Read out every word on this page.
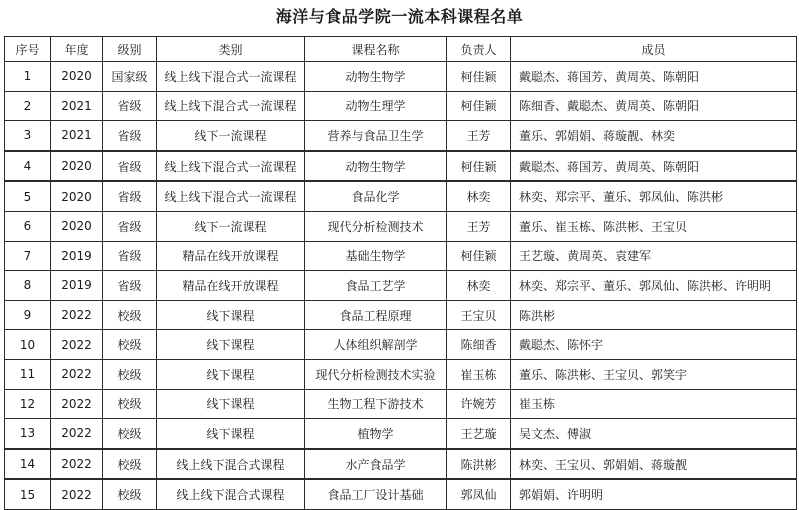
海洋与食品学院一流本科课程名单
序号	年度	级别	类别	课程名称	负责人	成员
1	2020	国家级	线上线下混合式一流课程	动物生物学	柯佳颖	戴聪杰、蒋国芳、黄周英、陈朝阳
2	2021	省级	线上线下混合式一流课程	动物生理学	柯佳颖	陈细香、戴聪杰、黄周英、陈朝阳
3	2021	省级	线下一流课程	营养与食品卫生学	王芳	董乐、郭娟娟、蒋璇靓、林奕
4	2020	省级	线上线下混合式一流课程	动物生物学	柯佳颖	戴聪杰、蒋国芳、黄周英、陈朝阳
5	2020	省级	线上线下混合式一流课程	食品化学	林奕	林奕、郑宗平、董乐、郭凤仙、陈洪彬
6	2020	省级	线下一流课程	现代分析检测技术	王芳	董乐、崔玉栋、陈洪彬、王宝贝
7	2019	省级	精品在线开放课程	基础生物学	柯佳颖	王艺璇、黄周英、袁建军
8	2019	省级	精品在线开放课程	食品工艺学	林奕	林奕、郑宗平、董乐、郭凤仙、陈洪彬、许明明
9	2022	校级	线下课程	食品工程原理	王宝贝	陈洪彬
10	2022	校级	线下课程	人体组织解剖学	陈细香	戴聪杰、陈怀宇
11	2022	校级	线下课程	现代分析检测技术实验	崔玉栋	董乐、陈洪彬、王宝贝、郭笑宇
12	2022	校级	线下课程	生物工程下游技术	许婉芳	崔玉栋
13	2022	校级	线下课程	植物学	王艺璇	吴文杰、傅淑
14	2022	校级	线上线下混合式课程	水产食品学	陈洪彬	林奕、王宝贝、郭娟娟、蒋璇靓
15	2022	校级	线上线下混合式课程	食品工厂设计基础	郭凤仙	郭娟娟、许明明
